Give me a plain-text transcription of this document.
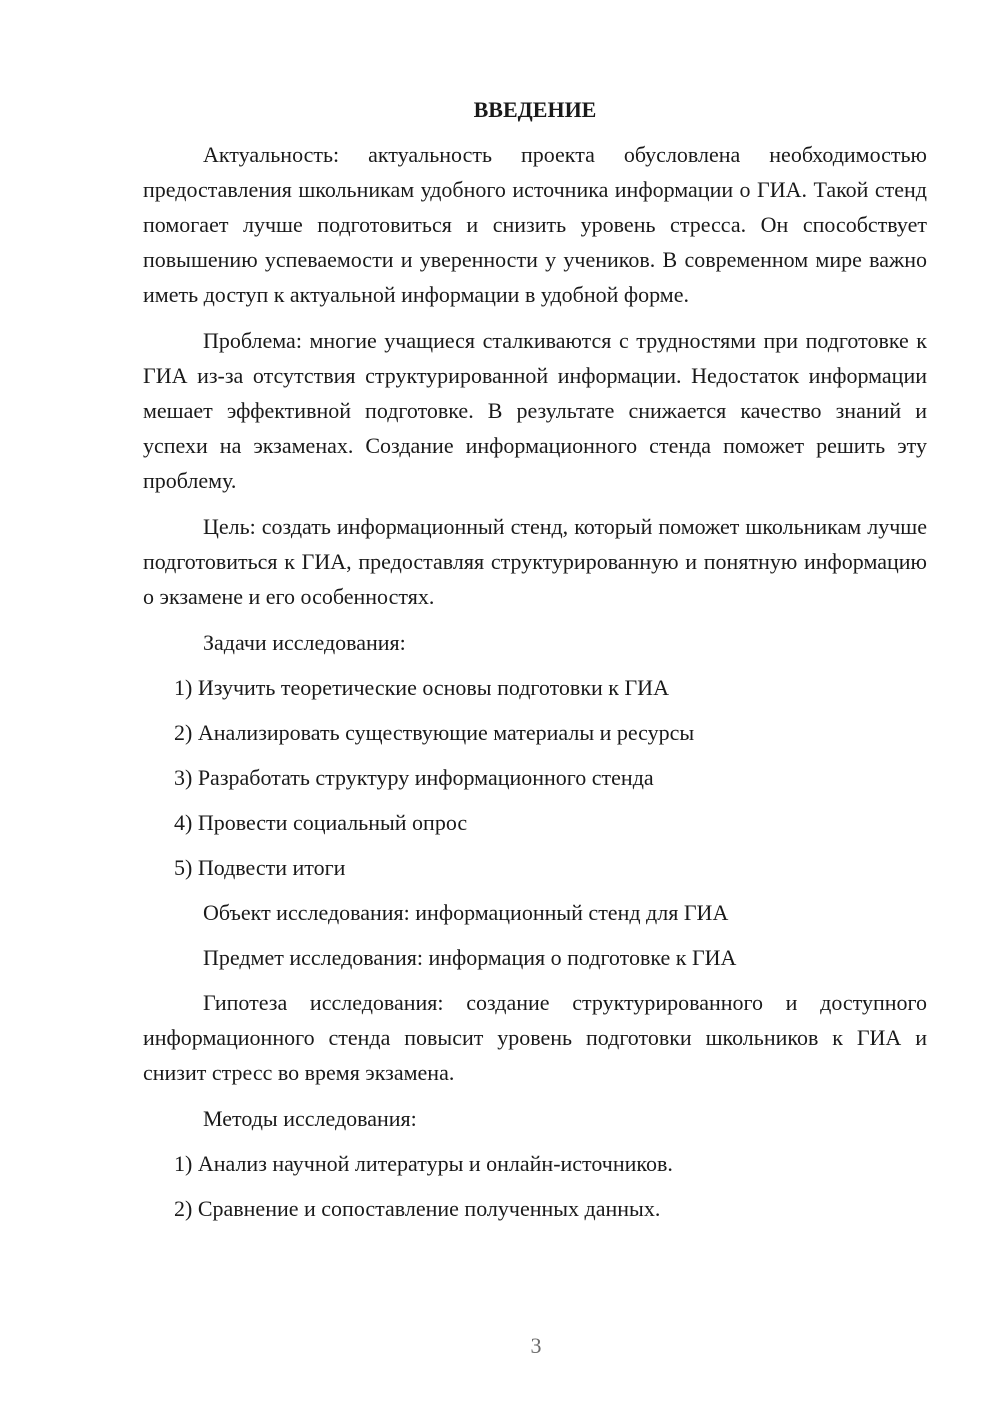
ВВЕДЕНИЕ

Актуальность: актуальность проекта обусловлена необходимостью предоставления школьникам удобного источника информации о ГИА. Такой стенд помогает лучше подготовиться и снизить уровень стресса. Он способствует повышению успеваемости и уверенности у учеников. В современном мире важно иметь доступ к актуальной информации в удобной форме.

Проблема: многие учащиеся сталкиваются с трудностями при подготовке к ГИА из-за отсутствия структурированной информации. Недостаток информации мешает эффективной подготовке. В результате снижается качество знаний и успехи на экзаменах. Создание информационного стенда поможет решить эту проблему.

Цель: создать информационный стенд, который поможет школьникам лучше подготовиться к ГИА, предоставляя структурированную и понятную информацию о экзамене и его особенностях.

Задачи исследования:

1) Изучить теоретические основы подготовки к ГИА

2) Анализировать существующие материалы и ресурсы

3) Разработать структуру информационного стенда

4) Провести социальный опрос

5) Подвести итоги

Объект исследования: информационный стенд для ГИА

Предмет исследования: информация о подготовке к ГИА

Гипотеза исследования: создание структурированного и доступного информационного стенда повысит уровень подготовки школьников к ГИА и снизит стресс во время экзамена.

Методы исследования:

1) Анализ научной литературы и онлайн-источников.

2) Сравнение и сопоставление полученных данных.

3
